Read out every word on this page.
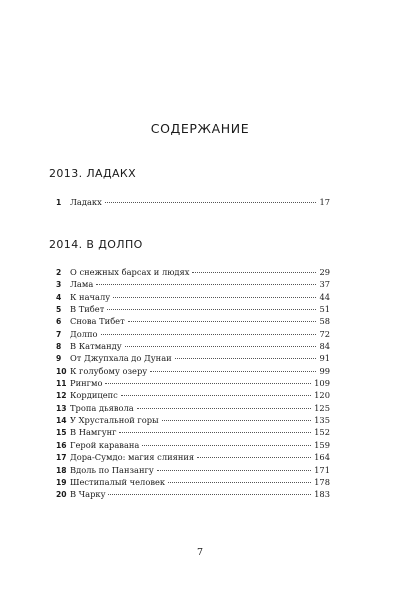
СОДЕРЖАНИЕ
2013. ЛАДАКХ
1	Ладакх	17
2014. В ДОЛПО
2	О снежных барсах и людях	29
3	Лама	37
4	К началу	44
5	В Тибет	51
6	Снова Тибет	58
7	Долпо	72
8	В Катманду	84
9	От Джупхала до Дунаи	91
10 К голубому озеру	99
11 Рингмо	109
12 Кордицепс	120
13 Тропа дьявола	125
14 У Хрустальной горы	135
15 В Намгунг	152
16 Герой каравана	159
17 Дора-Сумдо: магия слияния	164
18 Вдоль по Панзангу	171
19 Шестипалый человек	178
20 В Чарку	183
7
